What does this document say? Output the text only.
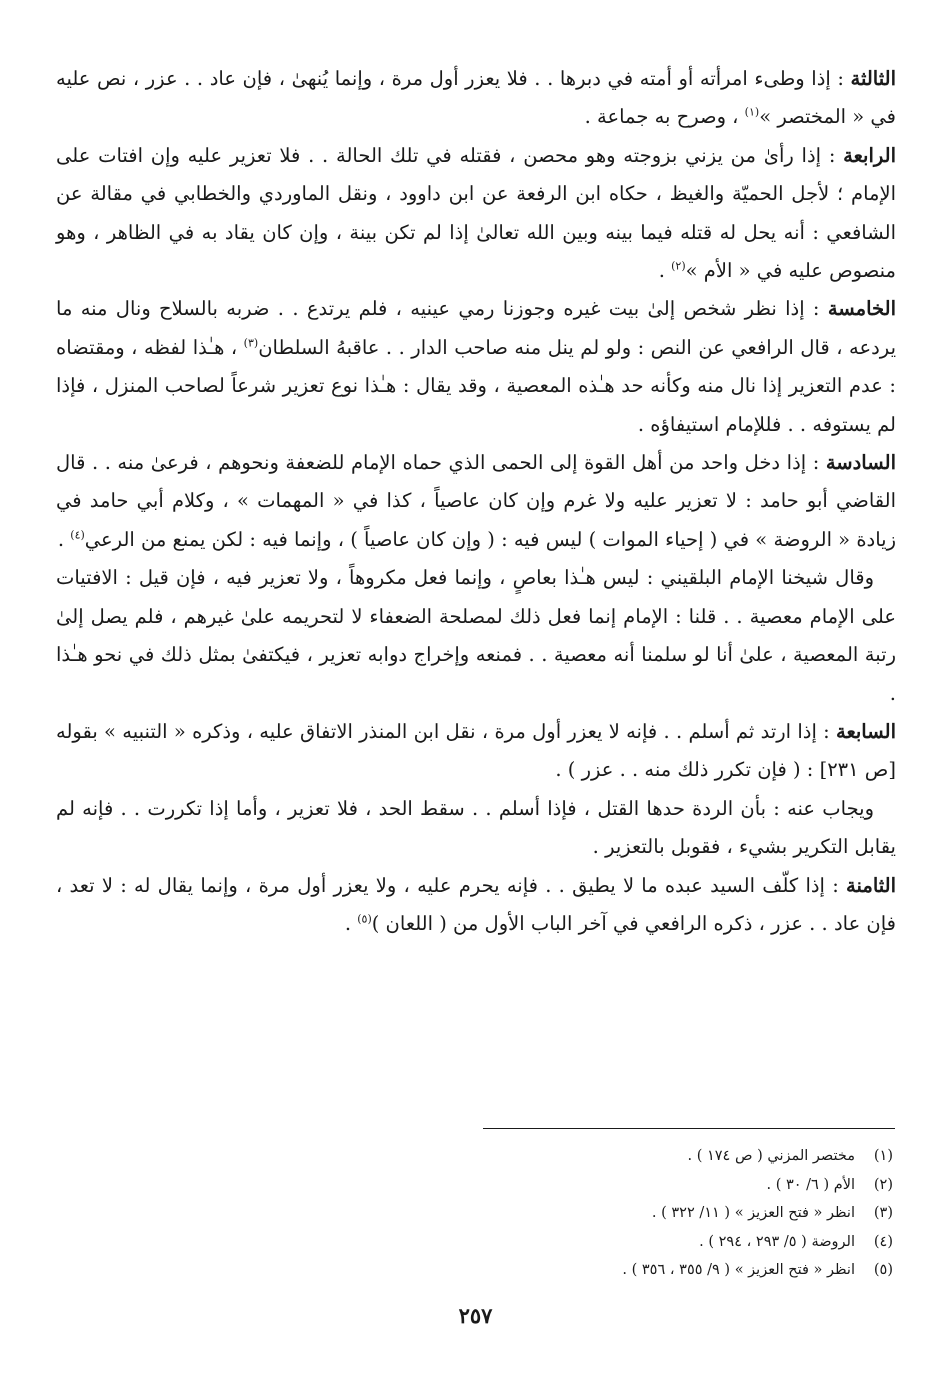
الثالثة : إذا وطىء امرأته أو أمته في دبرها . . فلا يعزر أول مرة ، وإنما يُنهىٰ ، فإن عاد . . عزر ، نص عليه في « المختصر »$^{(١)}$ ، وصرح به جماعة .

الرابعة : إذا رأىٰ من يزني بزوجته وهو محصن ، فقتله في تلك الحالة . . فلا تعزير عليه وإن افتات على الإمام ؛ لأجل الحميّة والغيظ ، حكاه ابن الرفعة عن ابن داوود ، ونقل الماوردي والخطابي في مقالة عن الشافعي : أنه يحل له قتله فيما بينه وبين الله تعالىٰ إذا لم تكن بينة ، وإن كان يقاد به في الظاهر ، وهو منصوص عليه في « الأم »$^{(٢)}$ .

الخامسة : إذا نظر شخص إلىٰ بيت غيره وجوزنا رمي عينيه ، فلم يرتدع . . ضربه بالسلاح ونال منه ما يردعه ، قال الرافعي عن النص : ولو لم ينل منه صاحب الدار . . عاقبهُ السلطان$^{(٣)}$ ، هـٰذا لفظه ، ومقتضاه : عدم التعزير إذا نال منه وكأنه حد هـٰذه المعصية ، وقد يقال : هـٰذا نوع تعزير شرعاً لصاحب المنزل ، فإذا لم يستوفه . . فللإمام استيفاؤه .

السادسة : إذا دخل واحد من أهل القوة إلى الحمى الذي حماه الإمام للضعفة ونحوهم ، فرعىٰ منه . . قال القاضي أبو حامد : لا تعزير عليه ولا غرم وإن كان عاصياً ، كذا في « المهمات » ، وكلام أبي حامد في زيادة « الروضة » في ( إحياء الموات ) ليس فيه : ( وإن كان عاصياً ) ، وإنما فيه : لكن يمنع من الرعي$^{(٤)}$ .

وقال شيخنا الإمام البلقيني : ليس هـٰذا بعاصٍ ، وإنما فعل مكروهاً ، ولا تعزير فيه ، فإن قيل : الافتيات على الإمام معصية . . قلنا : الإمام إنما فعل ذلك لمصلحة الضعفاء لا لتحريمه علىٰ غيرهم ، فلم يصل إلىٰ رتبة المعصية ، علىٰ أنا لو سلمنا أنه معصية . . فمنعه وإخراج دوابه تعزير ، فيكتفىٰ بمثل ذلك في نحو هـٰذا .

السابعة : إذا ارتد ثم أسلم . . فإنه لا يعزر أول مرة ، نقل ابن المنذر الاتفاق عليه ، وذكره « التنبيه » بقوله [ص ٢٣١] : ( فإن تكرر ذلك منه . . عزر ) .

ويجاب عنه : بأن الردة حدها القتل ، فإذا أسلم . . سقط الحد ، فلا تعزير ، وأما إذا تكررت . . فإنه لم يقابل التكرير بشيء ، فقوبل بالتعزير .

الثامنة : إذا كلّف السيد عبده ما لا يطيق . . فإنه يحرم عليه ، ولا يعزر أول مرة ، وإنما يقال له : لا تعد ، فإن عاد . . عزر ، ذكره الرافعي في آخر الباب الأول من ( اللعان )$^{(٥)}$ .

(١)
مختصر المزني ( ص ١٧٤ ) .
(٢)
الأم ( ٦/ ٣٠ ) .
(٣)
انظر « فتح العزيز » ( ١١/ ٣٢٢ ) .
(٤)
الروضة ( ٥/ ٢٩٣ ، ٢٩٤ ) .
(٥)
انظر « فتح العزيز » ( ٩/ ٣٥٥ ، ٣٥٦ ) .
٢٥٧
